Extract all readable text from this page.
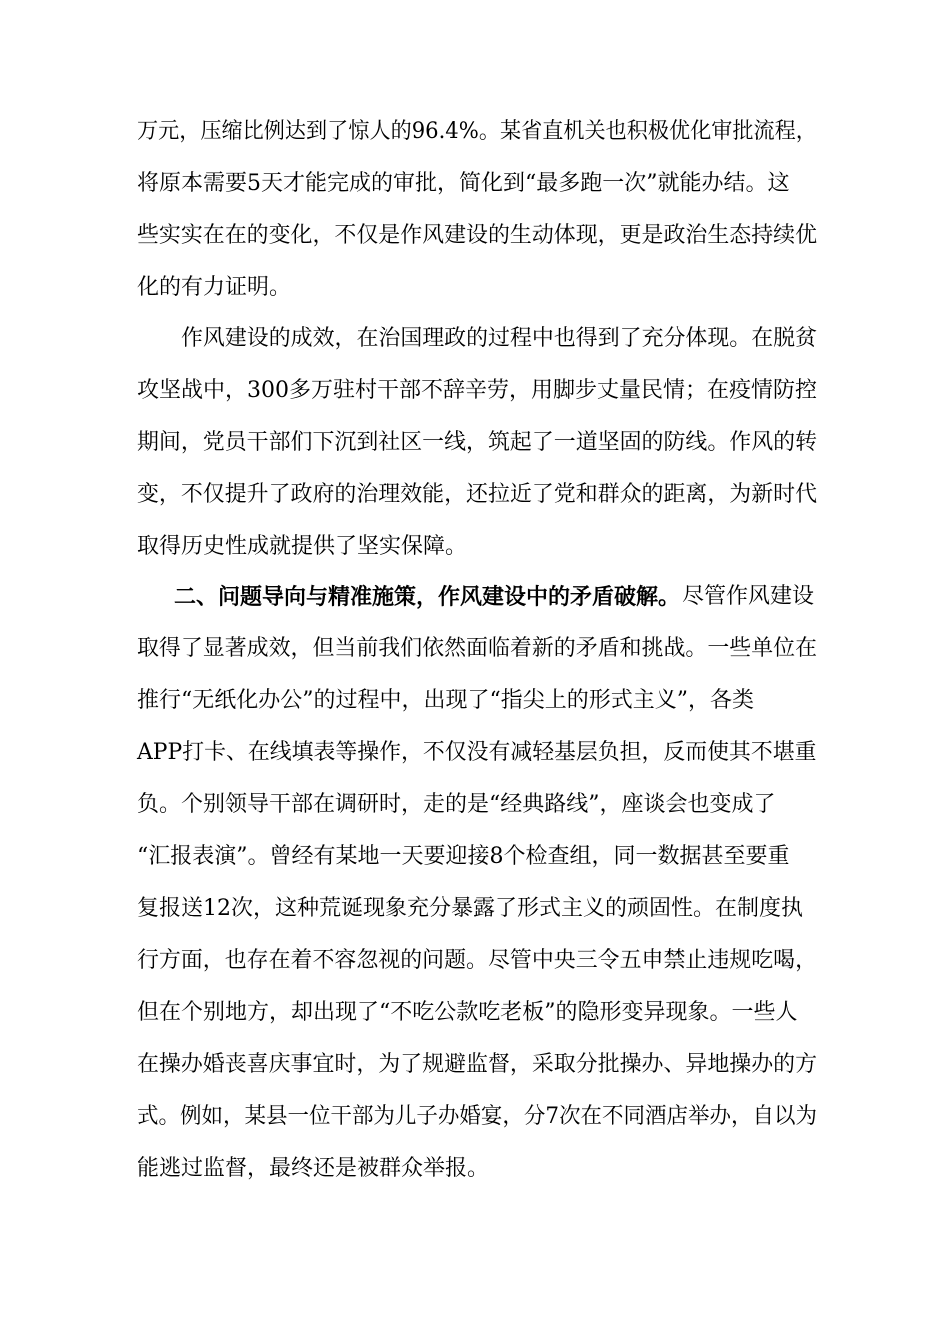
万元，压缩比例达到了惊人的96.4%。某省直机关也积极优化审批流程，

将原本需要5天才能完成的审批，简化到“最多跑一次”就能办结。这

些实实在在的变化，不仅是作风建设的生动体现，更是政治生态持续优

化的有力证明。

作风建设的成效，在治国理政的过程中也得到了充分体现。在脱贫

攻坚战中，300多万驻村干部不辞辛劳，用脚步丈量民情；在疫情防控

期间，党员干部们下沉到社区一线，筑起了一道坚固的防线。作风的转

变，不仅提升了政府的治理效能，还拉近了党和群众的距离，为新时代

取得历史性成就提供了坚实保障。

二、问题导向与精准施策，作风建设中的矛盾破解。

尽管作风建设

取得了显著成效，但当前我们依然面临着新的矛盾和挑战。一些单位在

推行“无纸化办公”的过程中，出现了“指尖上的形式主义”，各类

APP打卡、在线填表等操作，不仅没有减轻基层负担，反而使其不堪重

负。个别领导干部在调研时，走的是“经典路线”，座谈会也变成了

“汇报表演”。曾经有某地一天要迎接8个检查组，同一数据甚至要重

复报送12次，这种荒诞现象充分暴露了形式主义的顽固性。在制度执

行方面，也存在着不容忽视的问题。尽管中央三令五申禁止违规吃喝，

但在个别地方，却出现了“不吃公款吃老板”的隐形变异现象。一些人

在操办婚丧喜庆事宜时，为了规避监督，采取分批操办、异地操办的方

式。例如，某县一位干部为儿子办婚宴，分7次在不同酒店举办，自以为

能逃过监督，最终还是被群众举报。
